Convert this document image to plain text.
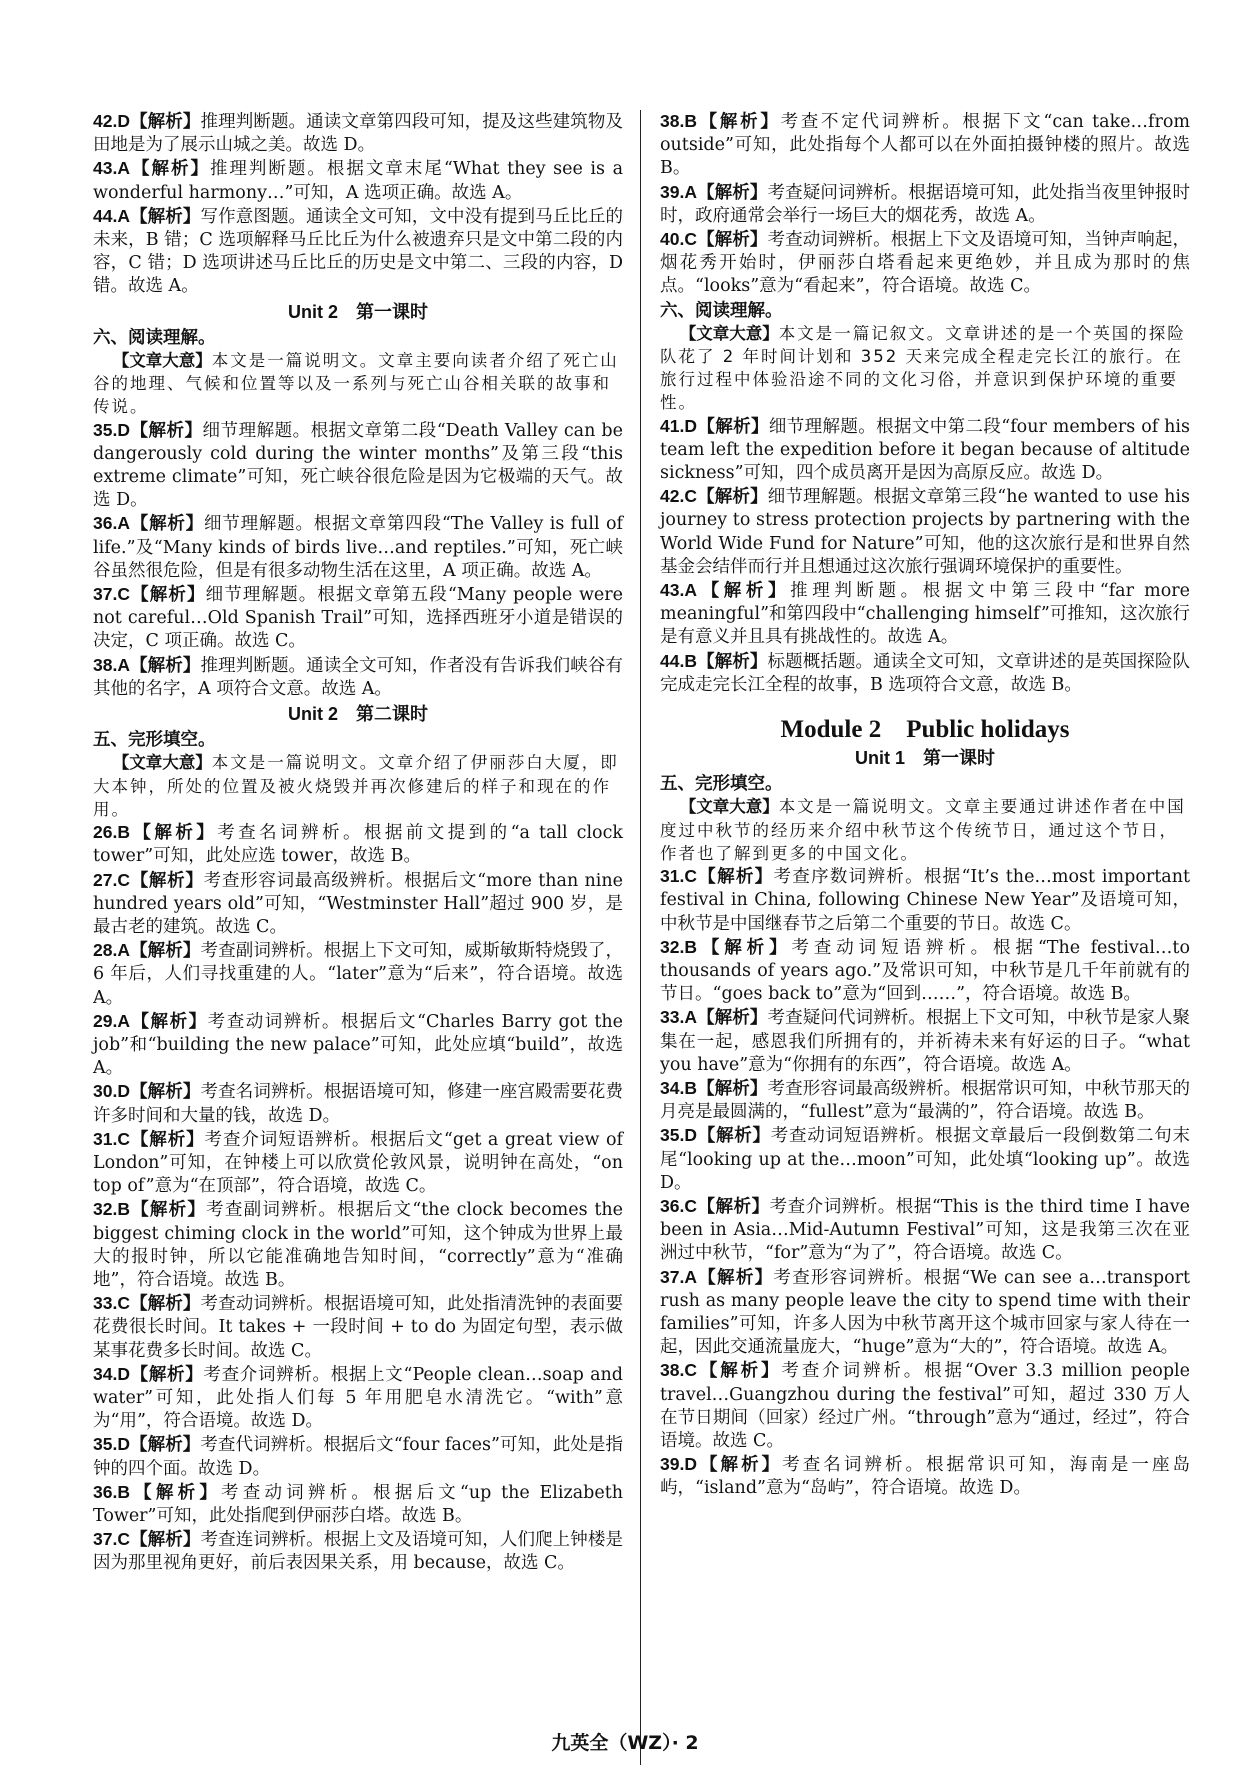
42.D【解析】推理判断题。通读文章第四段可知，提及这些建筑物及田地是为了展示山城之美。故选 D。

43.A【解析】推理判断题。根据文章末尾“What they see is a wonderful harmony…”可知，A 选项正确。故选 A。

44.A【解析】写作意图题。通读全文可知，文中没有提到马丘比丘的未来，B 错；C 选项解释马丘比丘为什么被遗弃只是文中第二段的内容，C 错；D 选项讲述马丘比丘的历史是文中第二、三段的内容，D 错。故选 A。

Unit 2　第一课时

六、阅读理解。

【文章大意】本文是一篇说明文。文章主要向读者介绍了死亡山谷的地理、气候和位置等以及一系列与死亡山谷相关联的故事和传说。

35.D【解析】细节理解题。根据文章第二段“Death Valley can be dangerously cold during the winter months”及第三段“this extreme climate”可知，死亡峡谷很危险是因为它极端的天气。故选 D。

36.A【解析】细节理解题。根据文章第四段“The Valley is full of life.”及“Many kinds of birds live…and reptiles.”可知，死亡峡谷虽然很危险，但是有很多动物生活在这里，A 项正确。故选 A。

37.C【解析】细节理解题。根据文章第五段“Many people were not careful…Old Spanish Trail”可知，选择西班牙小道是错误的决定，C 项正确。故选 C。

38.A【解析】推理判断题。通读全文可知，作者没有告诉我们峡谷有其他的名字，A 项符合文意。故选 A。

Unit 2　第二课时

五、完形填空。

【文章大意】本文是一篇说明文。文章介绍了伊丽莎白大厦，即大本钟，所处的位置及被火烧毁并再次修建后的样子和现在的作用。

26.B【解析】考查名词辨析。根据前文提到的“a tall clock tower”可知，此处应选 tower，故选 B。

27.C【解析】考查形容词最高级辨析。根据后文“more than nine hundred years old”可知，“Westminster Hall”超过 900 岁，是最古老的建筑。故选 C。

28.A【解析】考查副词辨析。根据上下文可知，威斯敏斯特烧毁了，6 年后，人们寻找重建的人。“later”意为“后来”，符合语境。故选 A。

29.A【解析】考查动词辨析。根据后文“Charles Barry got the job”和“building the new palace”可知，此处应填“build”，故选 A。

30.D【解析】考查名词辨析。根据语境可知，修建一座宫殿需要花费许多时间和大量的钱，故选 D。

31.C【解析】考查介词短语辨析。根据后文“get a great view of London”可知，在钟楼上可以欣赏伦敦风景，说明钟在高处，“on top of”意为“在顶部”，符合语境，故选 C。

32.B【解析】考查副词辨析。根据后文“the clock becomes the biggest chiming clock in the world”可知，这个钟成为世界上最大的报时钟，所以它能准确地告知时间，“correctly”意为“准确地”，符合语境。故选 B。

33.C【解析】考查动词辨析。根据语境可知，此处指清洗钟的表面要花费很长时间。It takes + 一段时间 + to do 为固定句型，表示做某事花费多长时间。故选 C。

34.D【解析】考查介词辨析。根据上文“People clean…soap and water”可知，此处指人们每 5 年用肥皂水清洗它。“with”意为“用”，符合语境。故选 D。

35.D【解析】考查代词辨析。根据后文“four faces”可知，此处是指钟的四个面。故选 D。

36.B【解析】考查动词辨析。根据后文“up the Elizabeth Tower”可知，此处指爬到伊丽莎白塔。故选 B。

37.C【解析】考查连词辨析。根据上文及语境可知，人们爬上钟楼是因为那里视角更好，前后表因果关系，用 because，故选 C。

38.B【解析】考查不定代词辨析。根据下文“can take…from outside”可知，此处指每个人都可以在外面拍摄钟楼的照片。故选 B。

39.A【解析】考查疑问词辨析。根据语境可知，此处指当夜里钟报时时，政府通常会举行一场巨大的烟花秀，故选 A。

40.C【解析】考查动词辨析。根据上下文及语境可知，当钟声响起，烟花秀开始时，伊丽莎白塔看起来更绝妙，并且成为那时的焦点。“looks”意为“看起来”，符合语境。故选 C。

六、阅读理解。

【文章大意】本文是一篇记叙文。文章讲述的是一个英国的探险队花了 2 年时间计划和 352 天来完成全程走完长江的旅行。在旅行过程中体验沿途不同的文化习俗，并意识到保护环境的重要性。

41.D【解析】细节理解题。根据文中第二段“four members of his team left the expedition before it began because of altitude sickness”可知，四个成员离开是因为高原反应。故选 D。

42.C【解析】细节理解题。根据文章第三段“he wanted to use his journey to stress protection projects by partnering with the World Wide Fund for Nature”可知，他的这次旅行是和世界自然基金会结伴而行并且想通过这次旅行强调环境保护的重要性。

43.A【解析】推理判断题。根据文中第三段中“far more meaningful”和第四段中“challenging himself”可推知，这次旅行是有意义并且具有挑战性的。故选 A。

44.B【解析】标题概括题。通读全文可知，文章讲述的是英国探险队完成走完长江全程的故事，B 选项符合文意，故选 B。

Module 2　Public holidays

Unit 1　第一课时

五、完形填空。

【文章大意】本文是一篇说明文。文章主要通过讲述作者在中国度过中秋节的经历来介绍中秋节这个传统节日，通过这个节日，作者也了解到更多的中国文化。

31.C【解析】考查序数词辨析。根据“It’s the…most important festival in China, following Chinese New Year”及语境可知，中秋节是中国继春节之后第二个重要的节日。故选 C。

32.B【解析】考查动词短语辨析。根据“The festival…to thousands of years ago.”及常识可知，中秋节是几千年前就有的节日。“goes back to”意为“回到……”，符合语境。故选 B。

33.A【解析】考查疑问代词辨析。根据上下文可知，中秋节是家人聚集在一起，感恩我们所拥有的，并祈祷未来有好运的日子。“what you have”意为“你拥有的东西”，符合语境。故选 A。

34.B【解析】考查形容词最高级辨析。根据常识可知，中秋节那天的月亮是最圆满的，“fullest”意为“最满的”，符合语境。故选 B。

35.D【解析】考查动词短语辨析。根据文章最后一段倒数第二句末尾“looking up at the…moon”可知，此处填“looking up”。故选 D。

36.C【解析】考查介词辨析。根据“This is the third time I have been in Asia…Mid-Autumn Festival”可知，这是我第三次在亚洲过中秋节，“for”意为“为了”，符合语境。故选 C。

37.A【解析】考查形容词辨析。根据“We can see a…transport rush as many people leave the city to spend time with their families”可知，许多人因为中秋节离开这个城市回家与家人待在一起，因此交通流量庞大，“huge”意为“大的”，符合语境。故选 A。

38.C【解析】考查介词辨析。根据“Over 3.3 million people travel…Guangzhou during the festival”可知，超过 330 万人在节日期间（回家）经过广州。“through”意为“通过，经过”，符合语境。故选 C。

39.D【解析】考查名词辨析。根据常识可知，海南是一座岛屿，“island”意为“岛屿”，符合语境。故选 D。

九英全（WZ）· 2
